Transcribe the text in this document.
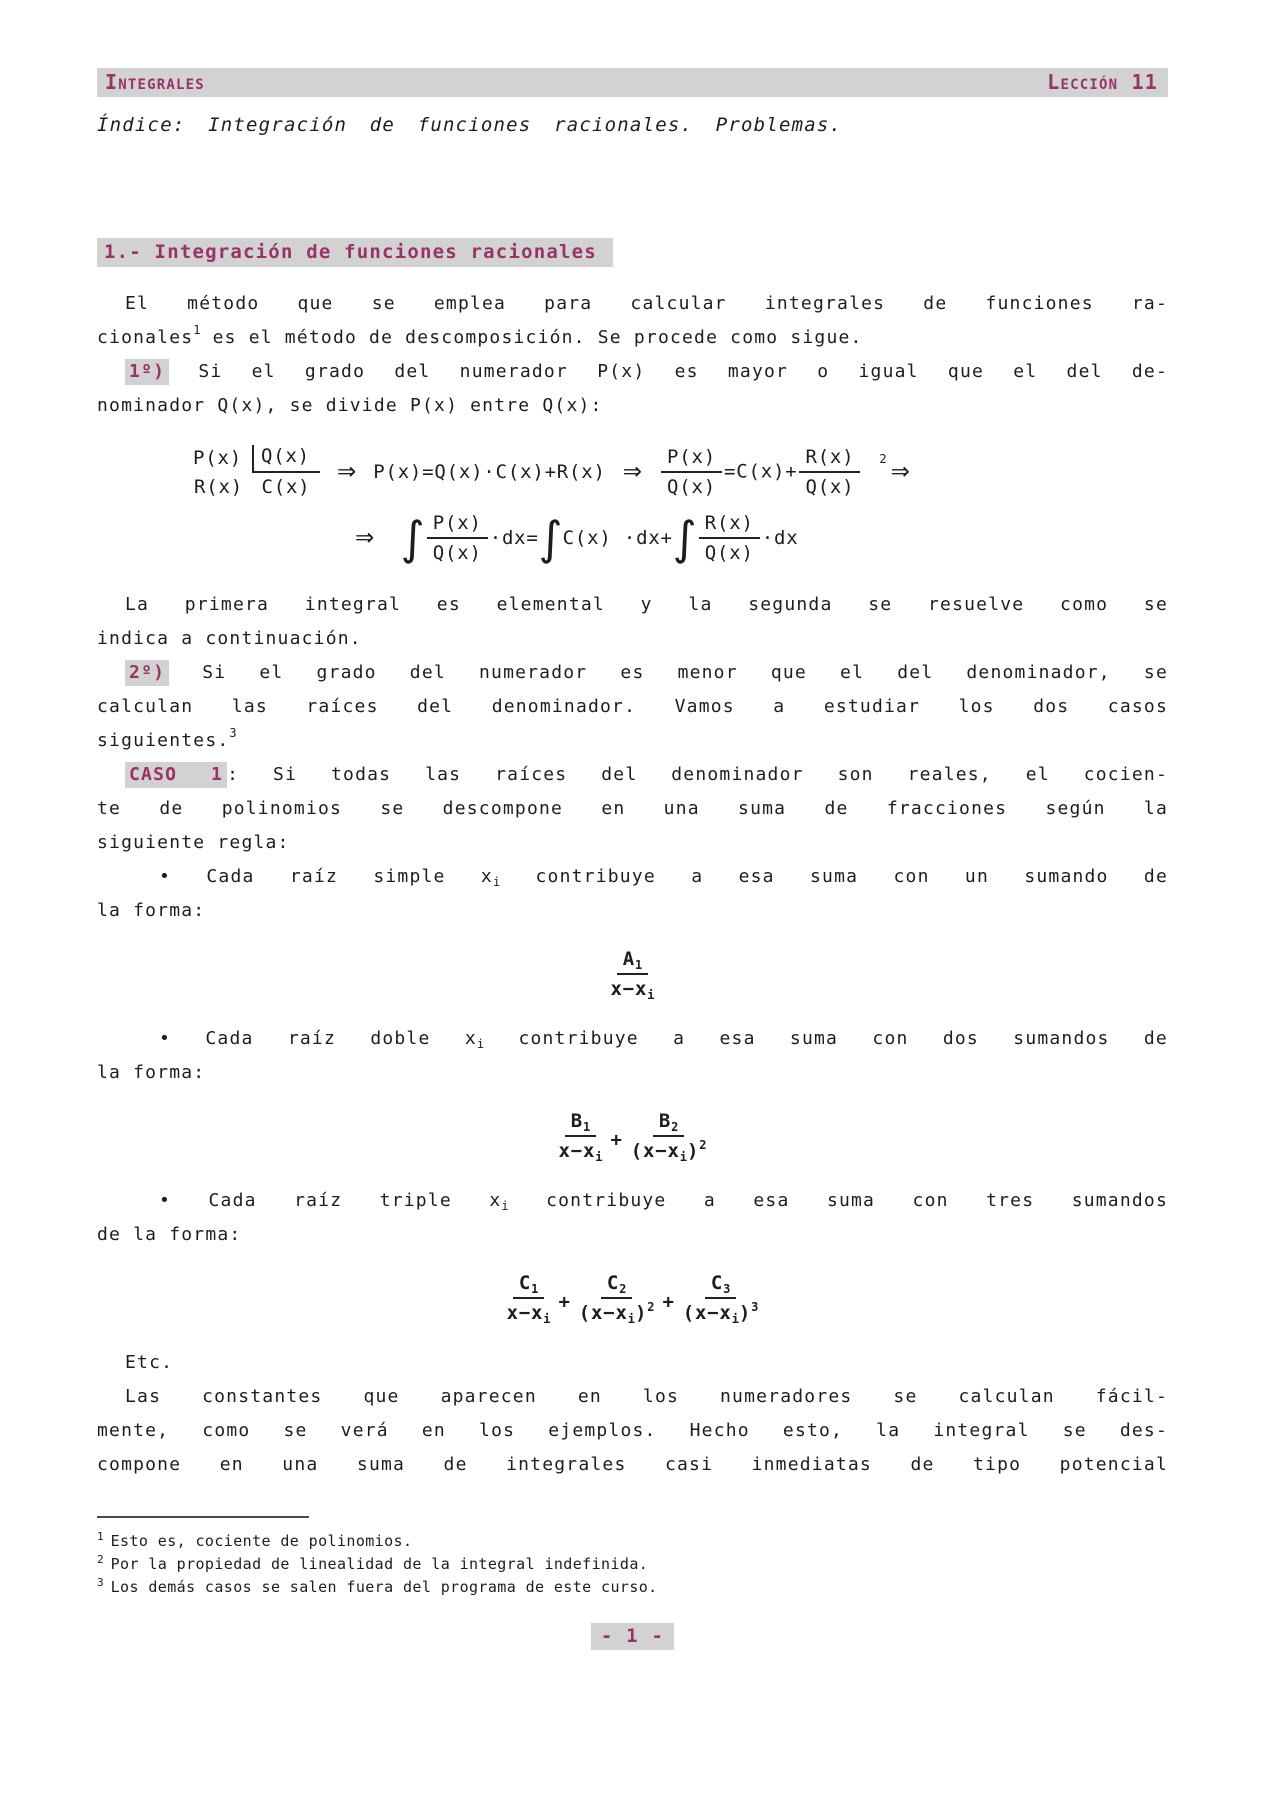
Integrales	Lección 11
Índice: Integración de funciones racionales. Problemas.
1.- Integración de funciones racionales
El método que se emplea para calcular integrales de funciones ra-
cionales$^1$ es el método de descomposición. Se procede como sigue.
1º) Si el grado del numerador P(x) es mayor o igual que el del de-
nominador Q(x), se divide P(x) entre Q(x):
P(x)	Q(x)
R(x) C(x)
⇒ P(x)=Q(x)·C(x)+R(x) ⇒ $\frac{P(x)}{Q(x)} =C(x)+ \frac{R(x)}{Q(x)} ^2$ ⇒
⇒
∫ P(x)
Q(x)
·dx= ∫ C(x) ·dx+ ∫ R(x)
Q(x)
·dx
La primera integral es elemental y la segunda se resuelve como se
indica a continuación.
2º) Si el grado del numerador es menor que el del denominador, se
calculan las raíces del denominador. Vamos a estudiar los dos casos
siguientes.$^3$
CASO 1 : Si todas las raíces del denominador son reales, el cocien-
te de polinomios se descompone en una suma de fracciones según la
siguiente regla:
• Cada raíz simple $x_i$ contribuye a esa suma con un sumando de
la forma:
$A_1$
$x-x_i$
• Cada raíz doble $x_i$ contribuye a esa suma con dos sumandos de
la forma:
$B_1$
$x-x_i$
+ $\frac{B_2}{(x-x_i)^2}$
• Cada raíz triple $x_i$ contribuye a esa suma con tres sumandos
de la forma:
$C_1$
$x-x_i$
+ $\frac{C_2}{(x-x_i)^2} + \frac{C_3}{(x-x_i)^3}$
Etc.
Las constantes que aparecen en los numeradores se calculan fácil-
mente, como se verá en los ejemplos. Hecho esto, la integral se des-
compone en una suma de integrales casi inmediatas de tipo potencial
$^1$ Esto es, cociente de polinomios.
$^2$ Por la propiedad de linealidad de la integral indefinida.
$^3$ Los demás casos se salen fuera del programa de este curso.
- 1 -
